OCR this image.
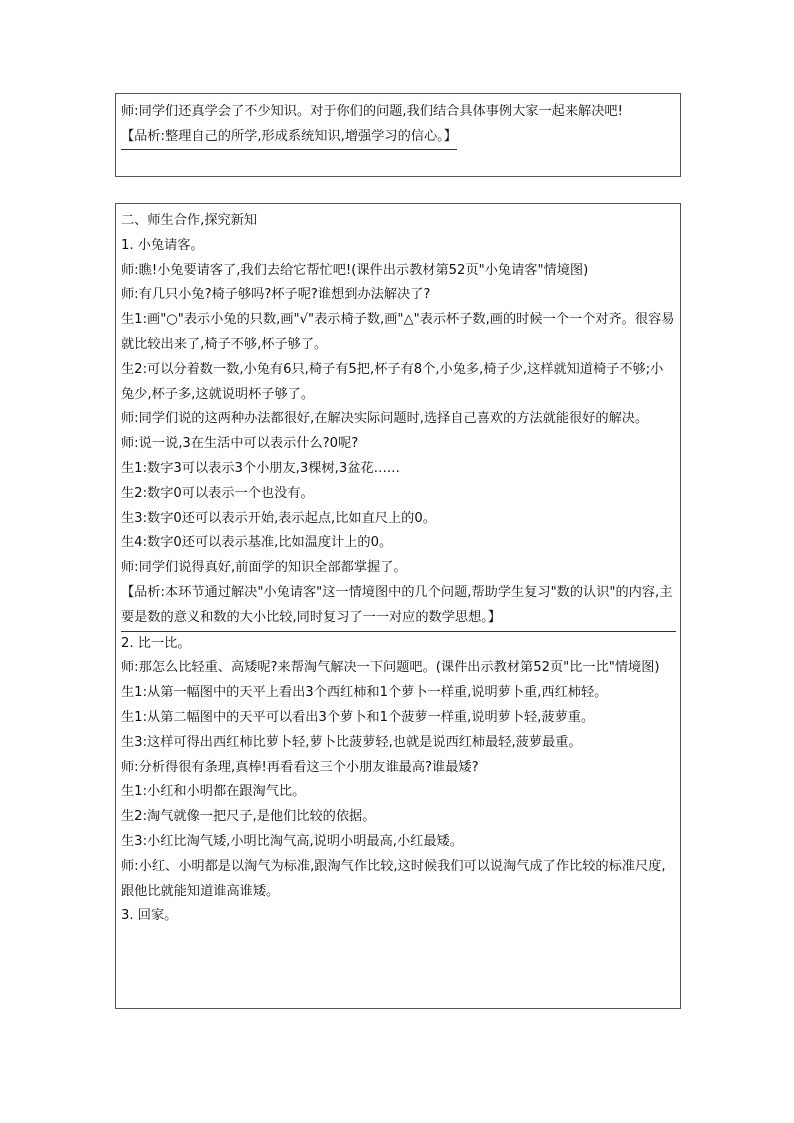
师:同学们还真学会了不少知识。对于你们的问题,我们结合具体事例大家一起来解决吧!
【品析:整理自己的所学,形成系统知识,增强学习的信心。】
二、师生合作,探究新知
1. 小兔请客。
师:瞧!小兔要请客了,我们去给它帮忙吧!(课件出示教材第52页"小兔请客"情境图)
师:有几只小兔?椅子够吗?杯子呢?谁想到办法解决了?
生1:画"○"表示小兔的只数,画"√"表示椅子数,画"△"表示杯子数,画的时候一个一个对齐。很容易就比较出来了,椅子不够,杯子够了。
生2:可以分着数一数,小兔有6只,椅子有5把,杯子有8个,小兔多,椅子少,这样就知道椅子不够;小兔少,杯子多,这就说明杯子够了。
师:同学们说的这两种办法都很好,在解决实际问题时,选择自己喜欢的方法就能很好的解决。
师:说一说,3在生活中可以表示什么?0呢?
生1:数字3可以表示3个小朋友,3棵树,3盆花……
生2:数字0可以表示一个也没有。
生3:数字0还可以表示开始,表示起点,比如直尺上的0。
生4:数字0还可以表示基准,比如温度计上的0。
师:同学们说得真好,前面学的知识全部都掌握了。
【品析:本环节通过解决"小兔请客"这一情境图中的几个问题,帮助学生复习"数的认识"的内容,主要是数的意义和数的大小比较,同时复习了一一对应的数学思想。】
2. 比一比。
师:那怎么比轻重、高矮呢?来帮淘气解决一下问题吧。(课件出示教材第52页"比一比"情境图)
生1:从第一幅图中的天平上看出3个西红柿和1个萝卜一样重,说明萝卜重,西红柿轻。
生1:从第二幅图中的天平可以看出3个萝卜和1个菠萝一样重,说明萝卜轻,菠萝重。
生3:这样可得出西红柿比萝卜轻,萝卜比菠萝轻,也就是说西红柿最轻,菠萝最重。
师:分析得很有条理,真棒!再看看这三个小朋友谁最高?谁最矮?
生1:小红和小明都在跟淘气比。
生2:淘气就像一把尺子,是他们比较的依据。
生3:小红比淘气矮,小明比淘气高,说明小明最高,小红最矮。
师:小红、小明都是以淘气为标准,跟淘气作比较,这时候我们可以说淘气成了作比较的标准尺度,跟他比就能知道谁高谁矮。
3. 回家。
